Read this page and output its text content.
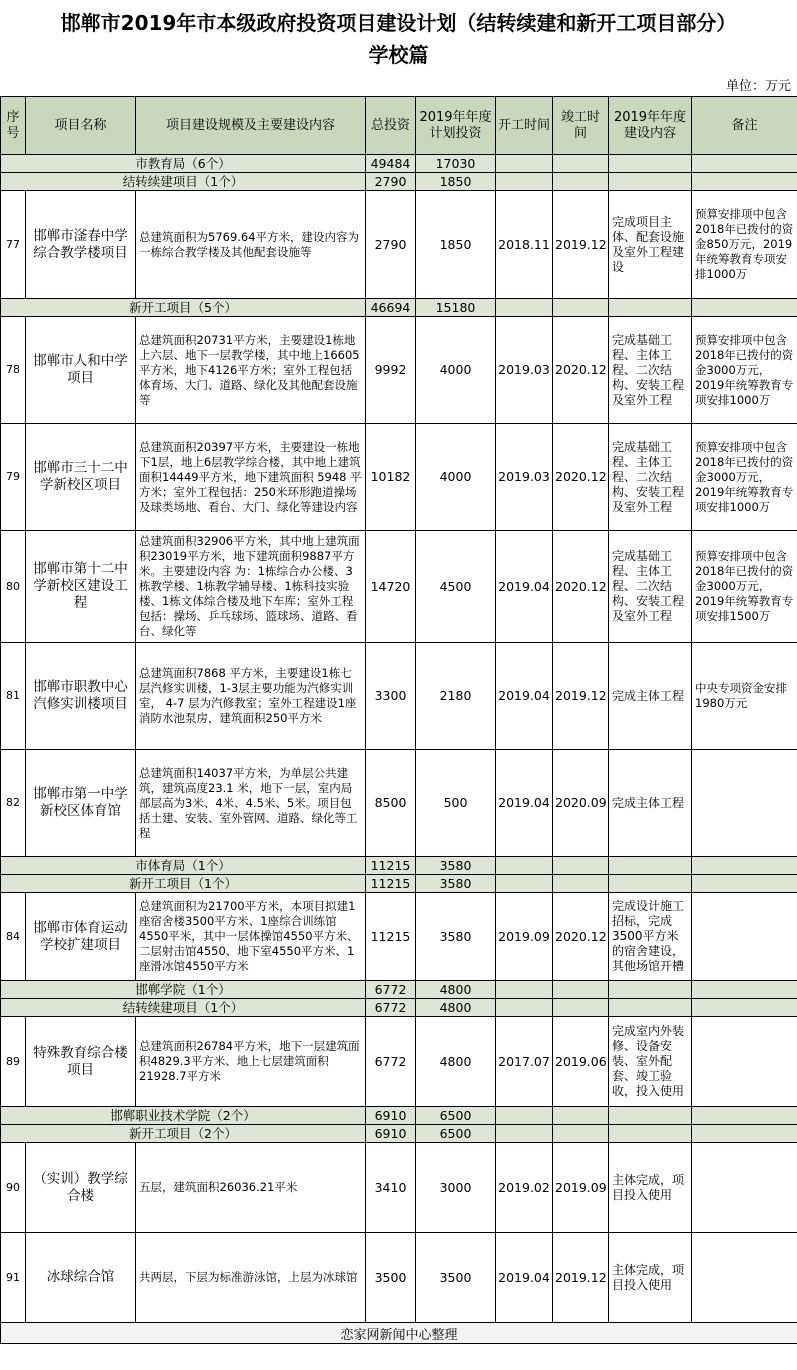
邯郸市2019年市本级政府投资项目建设计划（结转续建和新开工项目部分）
学校篇
单位：万元
序号	项目名称	项目建设规模及主要建设内容	总投资	2019年年度计划投资	开工时间	竣工时间	2019年年度建设内容	备注
市教育局（6个）			49484	17030				
结转续建项目（1个）			2790	1850				
77	邯郸市滏春中学综合教学楼项目	总建筑面积为5769.64平方米，建设内容为一栋综合教学楼及其他配套设施等	2790	1850	2018.11	2019.12	完成项目主体、配套设施及室外工程建设	预算安排项中包含2018年已拨付的资金850万元，2019年统筹教育专项安排1000万
新开工项目（5个）			46694	15180				
78	邯郸市人和中学项目	总建筑面积20731平方米，主要建设1栋地上六层、地下一层教学楼，其中地上16605平方米，地下4126平方米；室外工程包括体育场、大门、道路、绿化及其他配套设施等	9992	4000	2019.03	2020.12	完成基础工程、主体工程、二次结构、安装工程及室外工程	预算安排项中包含 2018年已拨付的资金3000万元，2019年统筹教育专项安排1000万
79	邯郸市三十二中学新校区项目	总建筑面积20397平方米，主要建设一栋地下1层，地上6层教学综合楼，其中地上建筑面积14449平方米，地下建筑面积 5948 平方米；室外工程包括：250米环形跑道操场及球类场地、看台、大门、绿化等建设内容	10182	4000	2019.03	2020.12	完成基础工程、主体工程、二次结构、安装工程及室外工程	预算安排项中包含2018年已拨付的资金3000万元，2019年统筹教育专项安排1000万
80	邯郸市第十二中学新校区建设工程	总建筑面积32906平方米，其中地上建筑面积23019平方米，地下建筑面积9887平方米。主要建设内容 为：1栋综合办公楼、3栋教学楼、1栋教学辅导楼、1栋科技实验楼、1栋文体综合楼及地下车库；室外工程包括：操场、乒乓球场、篮球场、道路、看台、绿化等	14720	4500	2019.04	2020.12	完成基础工程、主体工程、二次结构、安装工程及室外工程	预算安排项中包含2018年已拨付的资金3000万元，2019年统筹教育专项安排1500万
81	邯郸市职教中心汽修实训楼项目	总建筑面积7868 平方米，主要建设1栋七层汽修实训楼，1-3层主要功能为汽修实训室， 4-7 层为汽修教室；室外工程建设1座消防水池泵房，建筑面积250平方米	3300	2180	2019.04	2019.12	完成主体工程	中央专项资金安排1980万元
82	邯郸市第一中学新校区体育馆	总建筑面积14037平方米，为单层公共建筑，建筑高度23.1 米，地下一层，室内局部层高为3米、4米、4.5米、5米。项目包括土建、安装、室外管网、道路、绿化等工程	8500	500	2019.04	2020.09	完成主体工程	
市体育局（1个）			11215	3580				
新开工项目（1个）			11215	3580				
84	邯郸市体育运动学校扩建项目	总建筑面积为21700平方米，本项目拟建1座宿舍楼3500平方米、1座综合训练馆4550平米，其中一层体操馆4550平方米、二层射击馆4550、地下室4550平方米、1座滑冰馆4550平方米	11215	3580	2019.09	2020.12	完成设计施工招标，完成3500平方米的宿舍建设，其他场馆开槽	
邯郸学院（1个）			6772	4800				
结转续建项目（1个）			6772	4800				
89	特殊教育综合楼项目	总建筑面积26784平方米，地下一层建筑面积4829.3平方米、地上七层建筑面积21928.7平方米	6772	4800	2017.07	2019.06	完成室内外装修、设备安装、室外配套、竣工验收，投入使用	
邯郸职业技术学院（2个）			6910	6500				
新开工项目（2个）			6910	6500				
90	（实训）教学综合楼	五层，建筑面积26036.21平米	3410	3000	2019.02	2019.09	主体完成，项目投入使用	
91	冰球综合馆	共两层，下层为标准游泳馆，上层为冰球馆	3500	3500	2019.04	2019.12	主体完成，项目投入使用	
恋家网新闻中心整理								
